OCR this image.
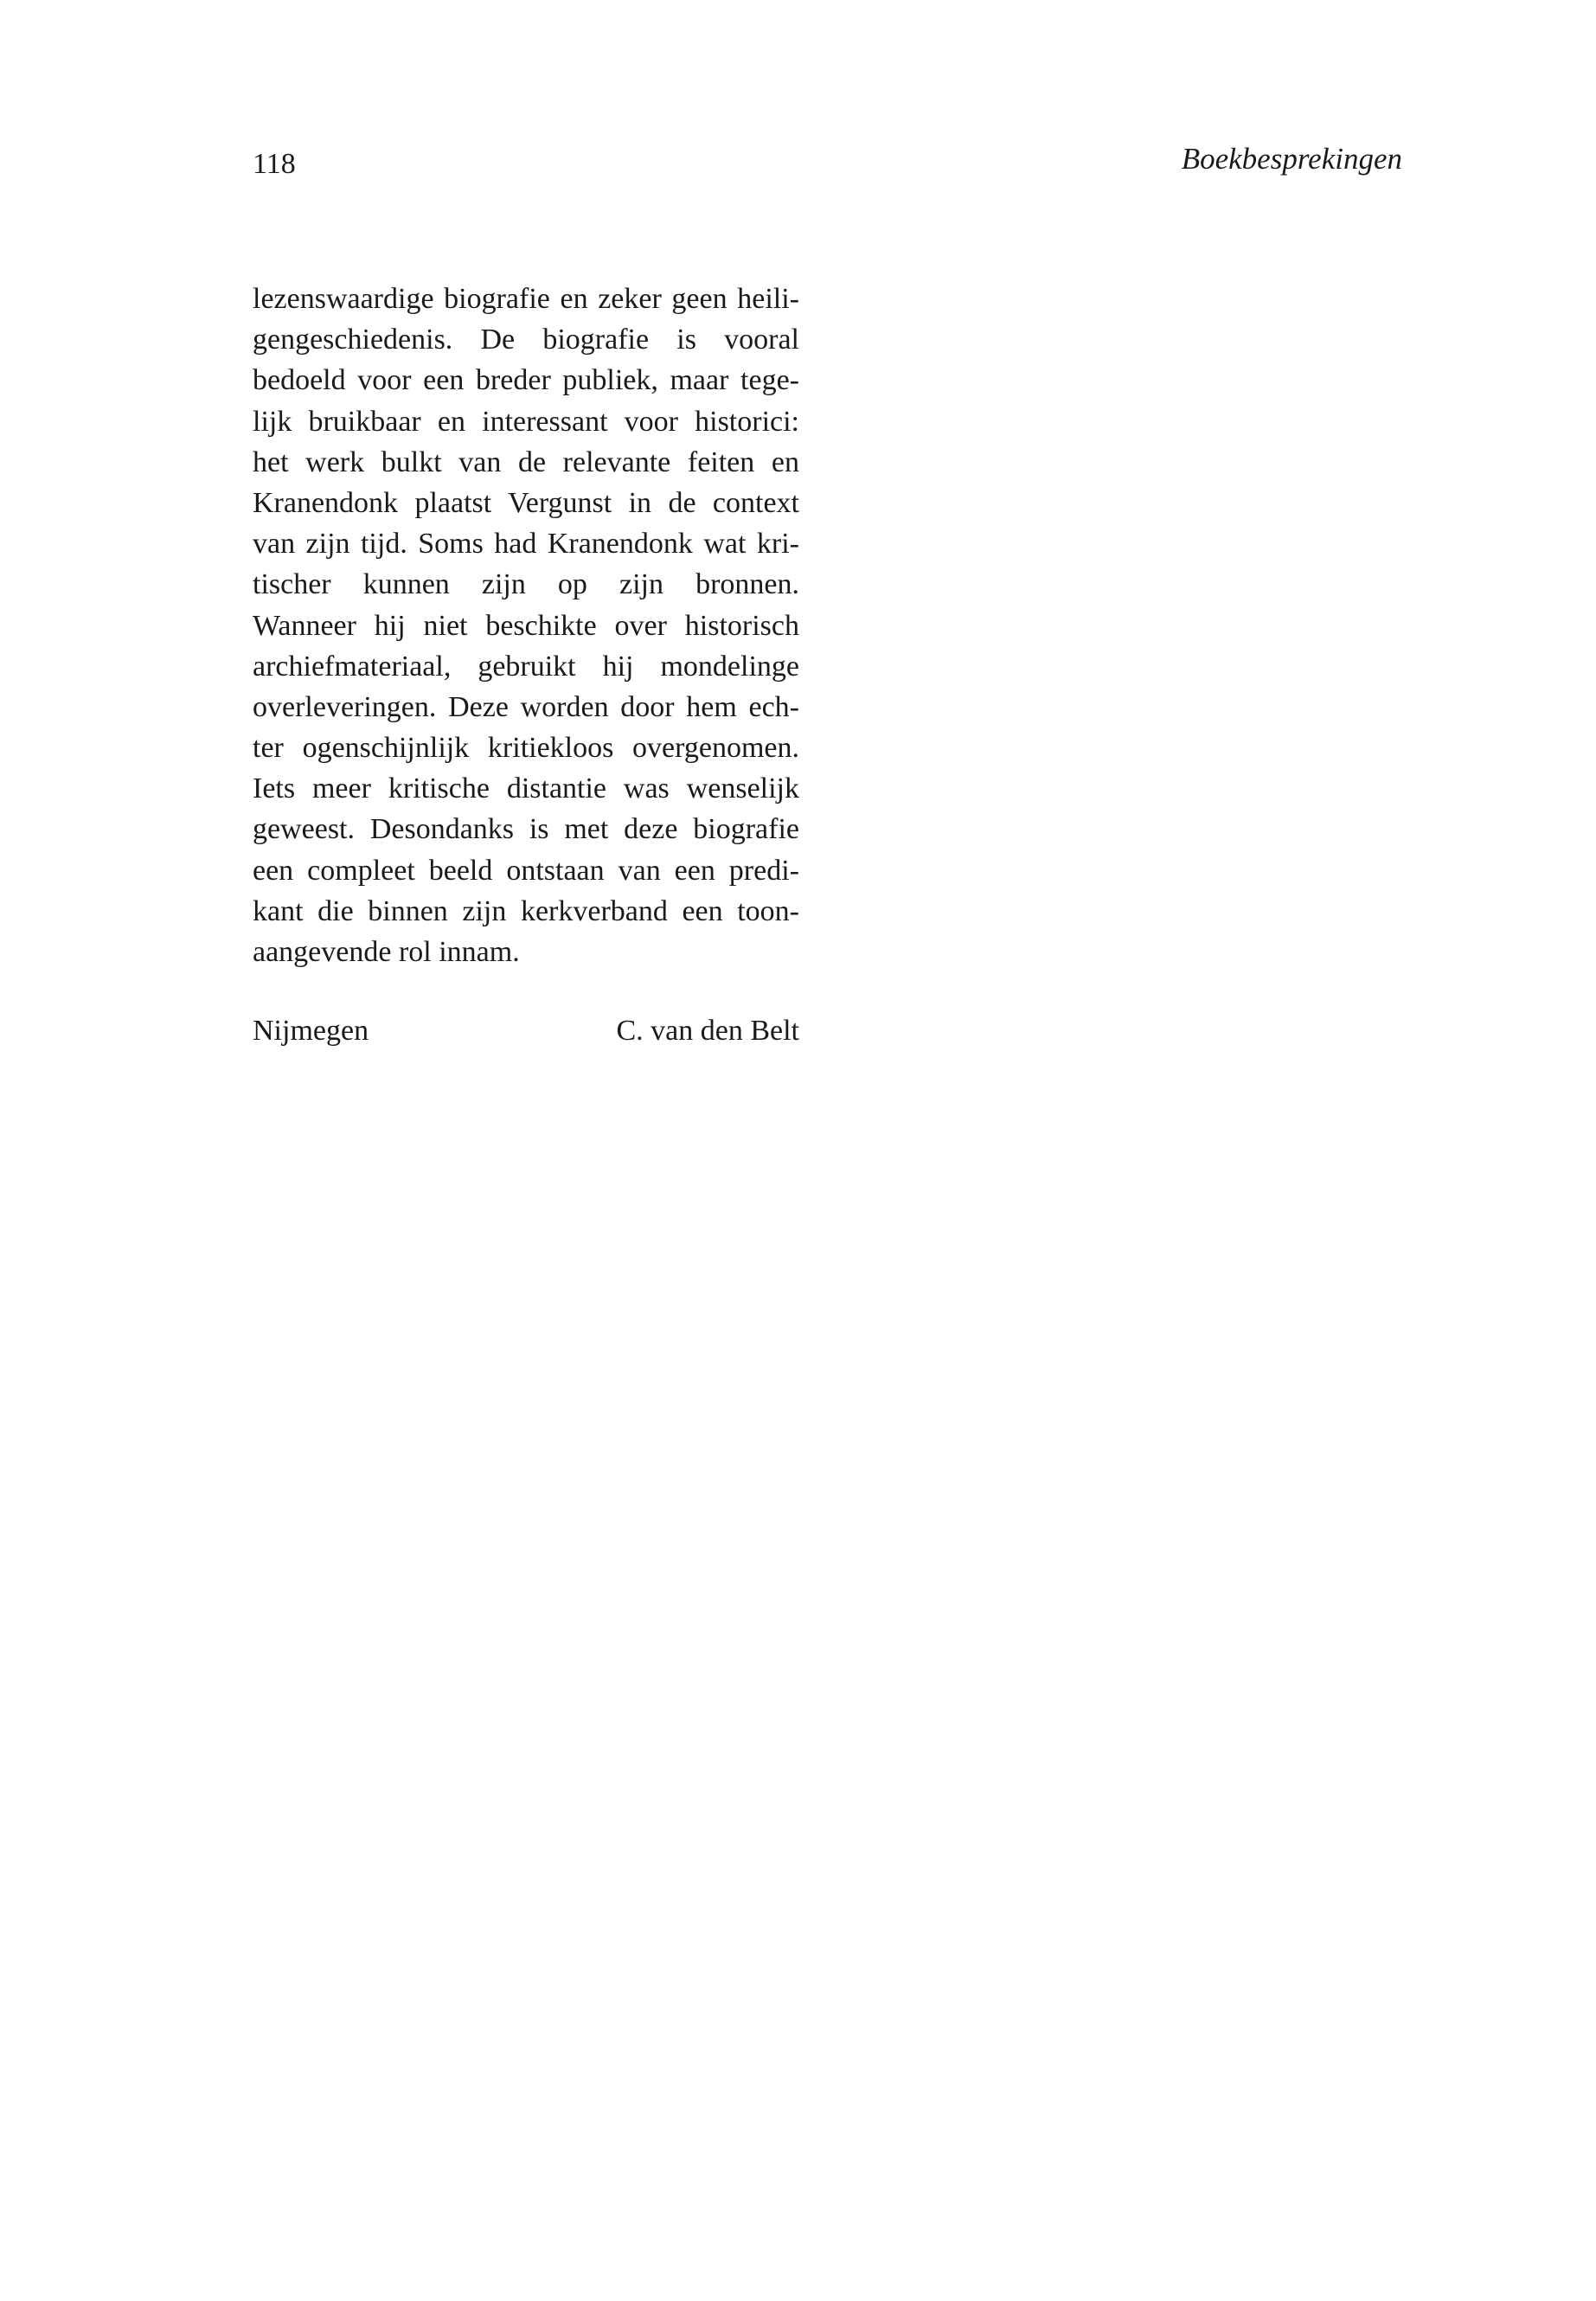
118	Boekbesprekingen
lezenswaardige biografie en zeker geen heili-
gengeschiedenis. De biografie is vooral
bedoeld voor een breder publiek, maar tege-
lijk bruikbaar en interessant voor historici:
het werk bulkt van de relevante feiten en
Kranendonk plaatst Vergunst in de context
van zijn tijd. Soms had Kranendonk wat kri-
tischer kunnen zijn op zijn bronnen.
Wanneer hij niet beschikte over historisch
archiefmateriaal, gebruikt hij mondelinge
overleveringen. Deze worden door hem ech-
ter ogenschijnlijk kritiekloos overgenomen.
Iets meer kritische distantie was wenselijk
geweest. Desondanks is met deze biografie
een compleet beeld ontstaan van een predi-
kant die binnen zijn kerkverband een toon-
aangevende rol innam.
Nijmegen	C. van den Belt
